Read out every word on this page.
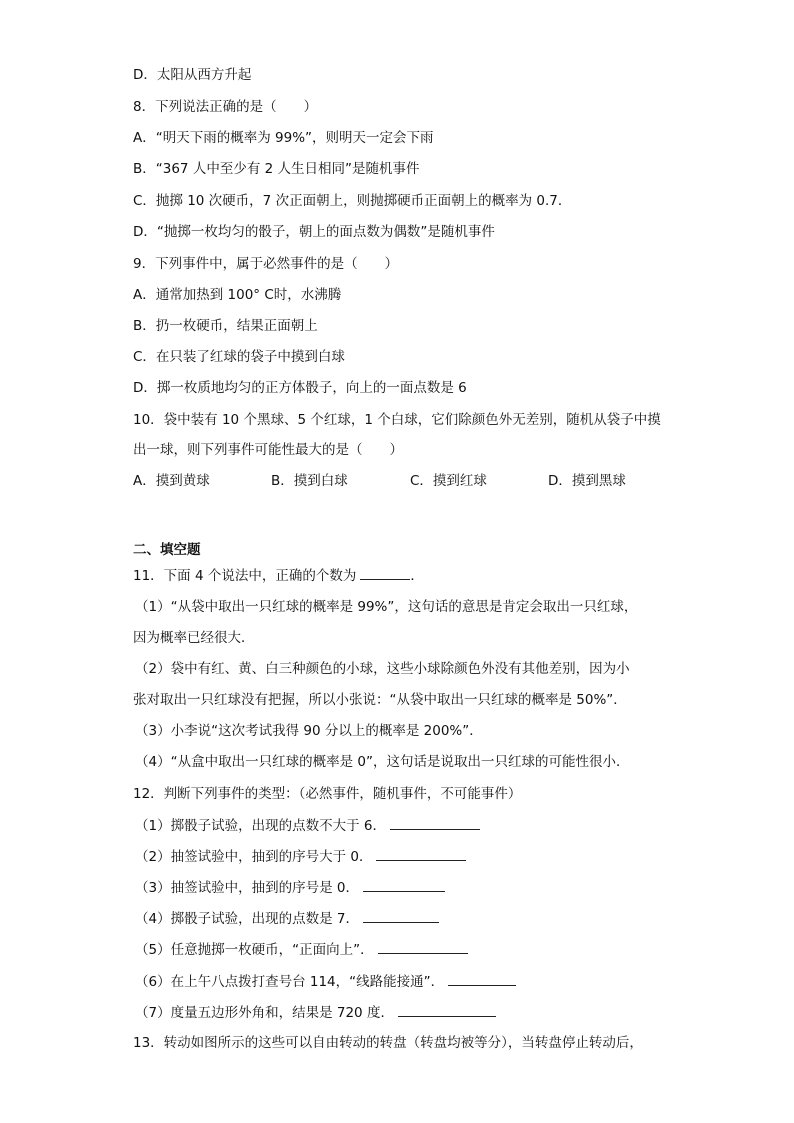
D．太阳从西方升起
8．下列说法正确的是（　　）
A．“明天下雨的概率为 99%”，则明天一定会下雨
B．“367 人中至少有 2 人生日相同”是随机事件
C．抛掷 10 次硬币，7 次正面朝上，则抛掷硬币正面朝上的概率为 0.7．
D．“抛掷一枚均匀的骰子，朝上的面点数为偶数”是随机事件
9．下列事件中，属于必然事件的是（　　）
A．通常加热到 100° C时，水沸腾
B．扔一枚硬币，结果正面朝上
C．在只装了红球的袋子中摸到白球
D．掷一枚质地均匀的正方体骰子，向上的一面点数是 6
10．袋中装有 10 个黑球、5 个红球，1 个白球，它们除颜色外无差别，随机从袋子中摸
出一球，则下列事件可能性最大的是（　　）
A．摸到黄球	B．摸到白球	C．摸到红球	D．摸到黑球
二、填空题
11．下面 4 个说法中，正确的个数为	．
（1）“从袋中取出一只红球的概率是 99%”，这句话的意思是肯定会取出一只红球，
因为概率已经很大．
（2）袋中有红、黄、白三种颜色的小球，这些小球除颜色外没有其他差别，因为小
张对取出一只红球没有把握，所以小张说：“从袋中取出一只红球的概率是 50%”．
（3）小李说“这次考试我得 90 分以上的概率是 200%”．
（4）“从盒中取出一只红球的概率是 0”，这句话是说取出一只红球的可能性很小．
12．判断下列事件的类型：（必然事件，随机事件，不可能事件）
（1）掷骰子试验，出现的点数不大于 6．
（2）抽签试验中，抽到的序号大于 0．
（3）抽签试验中，抽到的序号是 0．
（4）掷骰子试验，出现的点数是 7．
（5）任意抛掷一枚硬币，“正面向上”．
（6）在上午八点拨打查号台 114，“线路能接通”．
（7）度量五边形外角和，结果是 720 度．
13．转动如图所示的这些可以自由转动的转盘（转盘均被等分），当转盘停止转动后，
